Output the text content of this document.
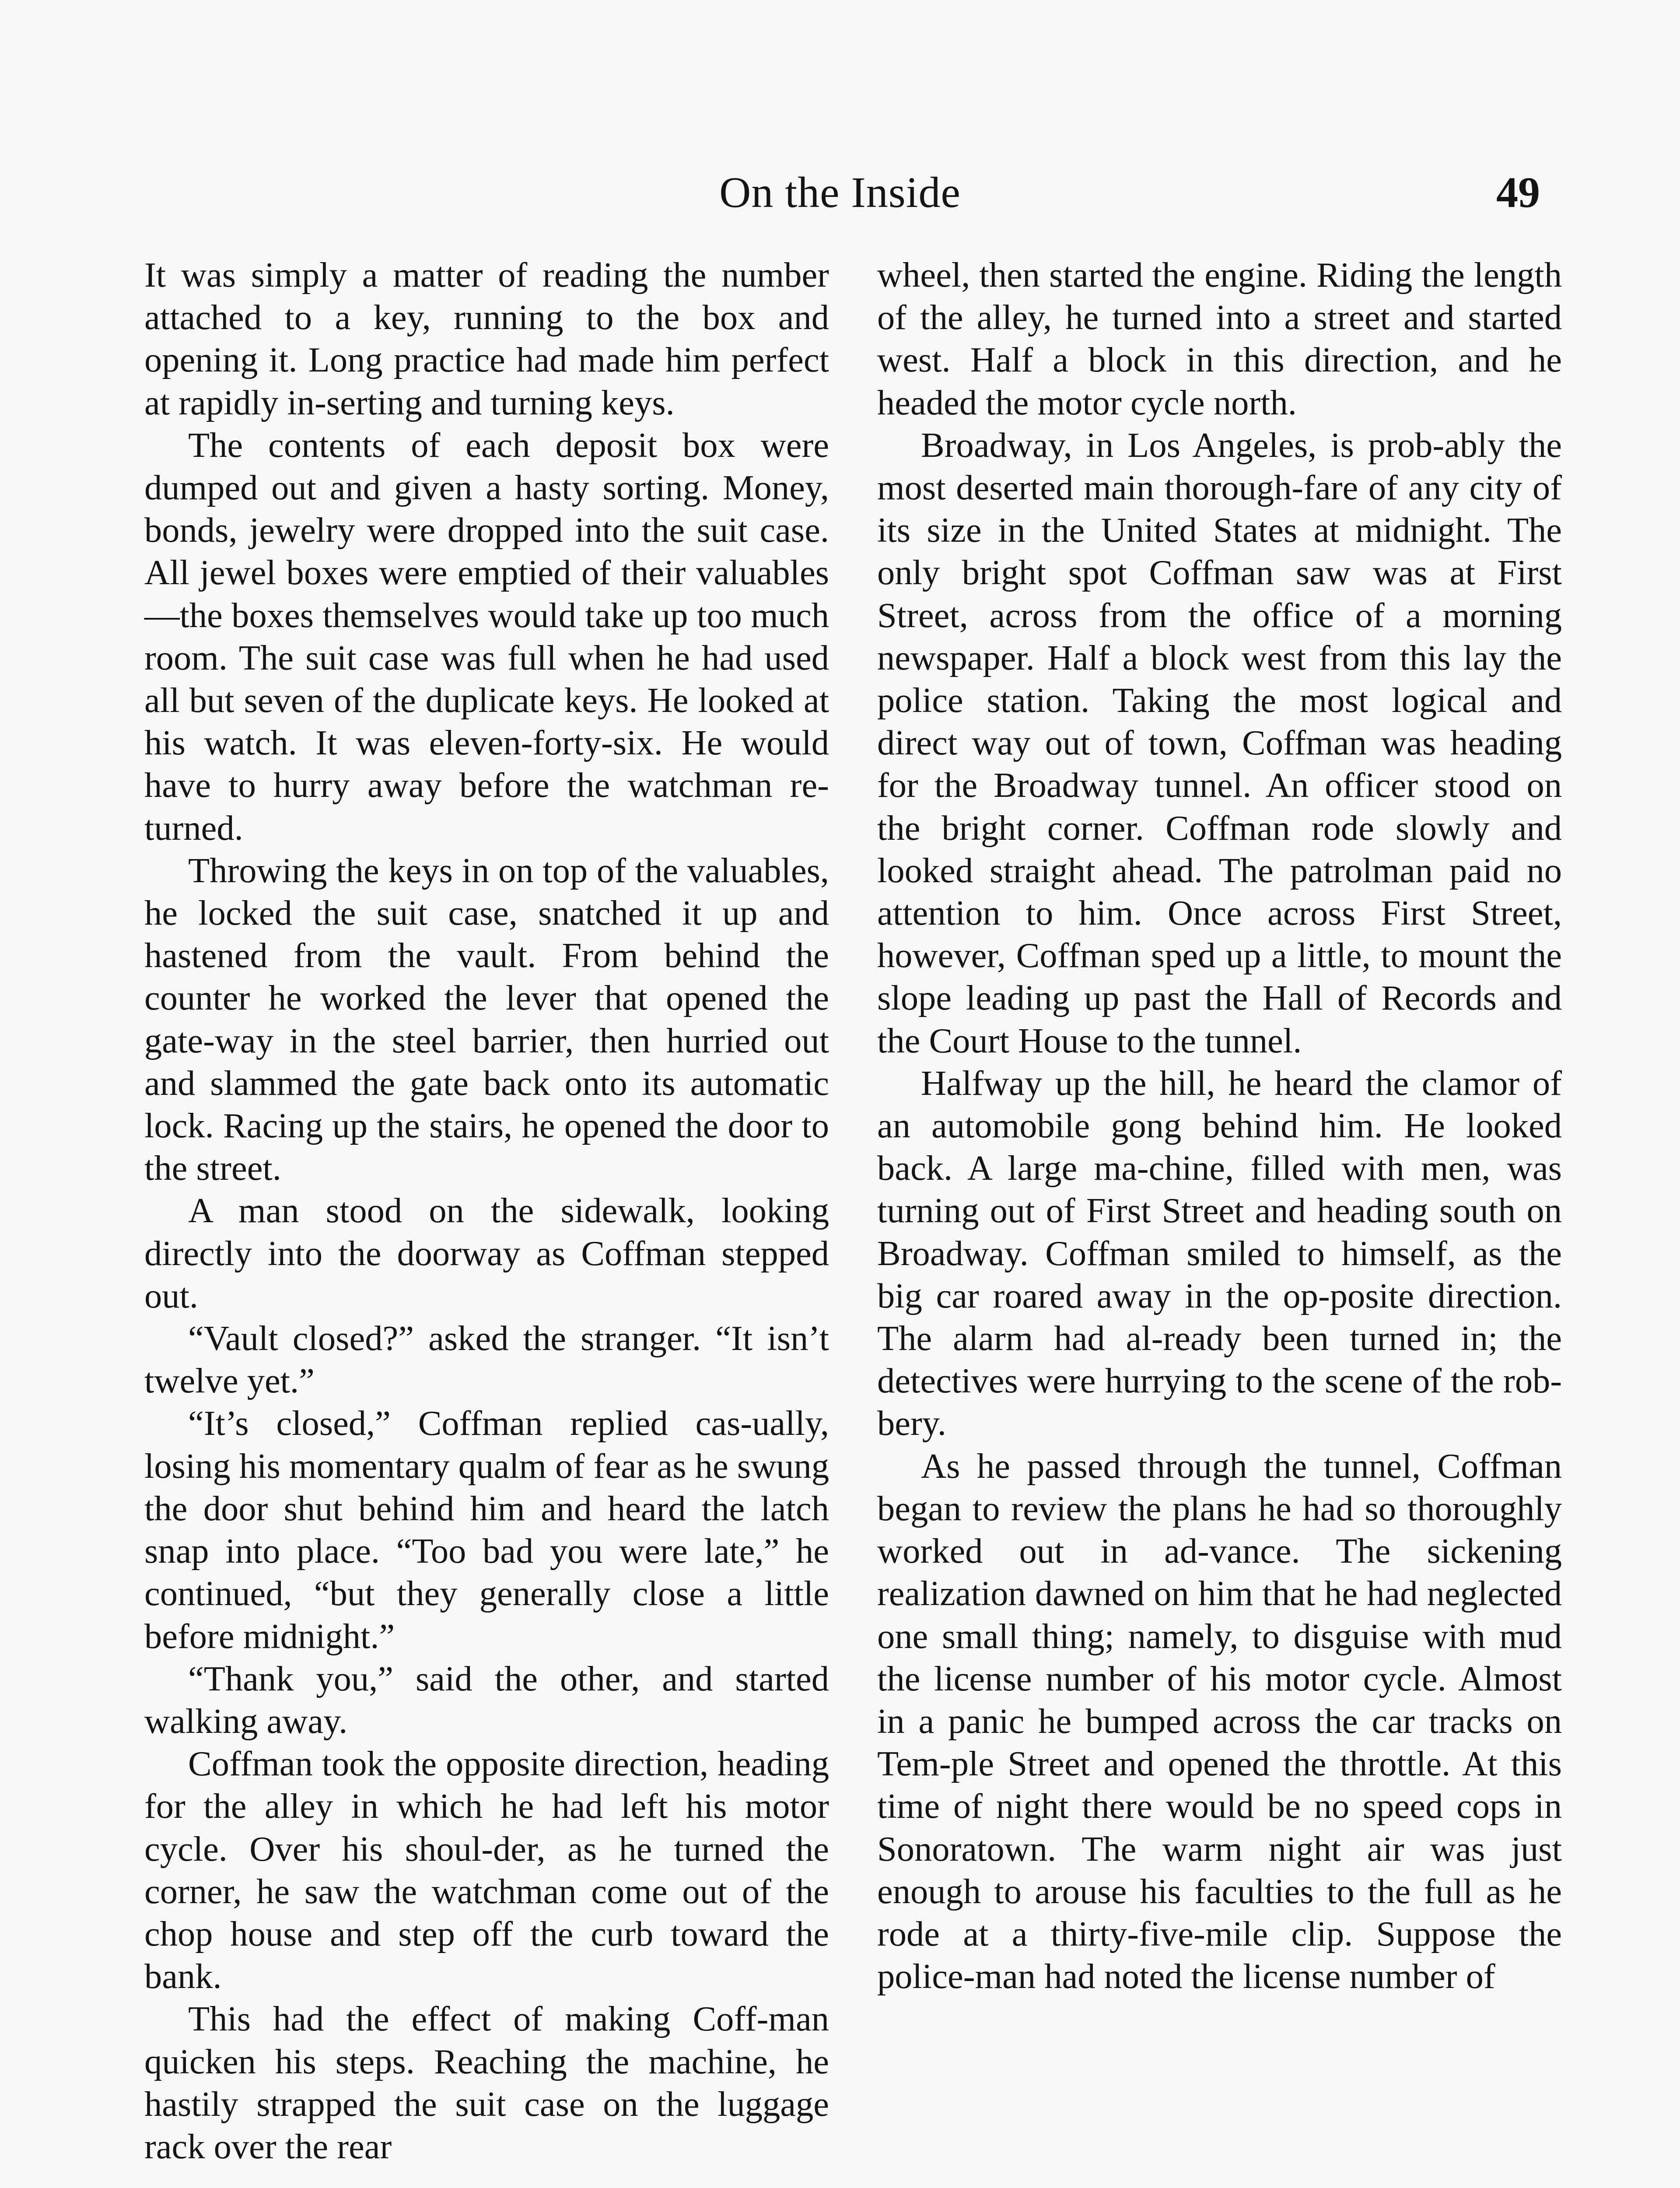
On the Inside	49

It was simply a matter of reading the number attached to a key, running to the box and opening it. Long practice had made him perfect at rapidly in-serting and turning keys.

The contents of each deposit box were dumped out and given a hasty sorting. Money, bonds, jewelry were dropped into the suit case. All jewel boxes were emptied of their valuables —the boxes themselves would take up too much room. The suit case was full when he had used all but seven of the duplicate keys. He looked at his watch. It was eleven-forty-six. He would have to hurry away before the watchman re-turned.

Throwing the keys in on top of the valuables, he locked the suit case, snatched it up and hastened from the vault. From behind the counter he worked the lever that opened the gate-way in the steel barrier, then hurried out and slammed the gate back onto its automatic lock. Racing up the stairs, he opened the door to the street.

A man stood on the sidewalk, looking directly into the doorway as Coffman stepped out.

“Vault closed?” asked the stranger. “It isn’t twelve yet.”

“It’s closed,” Coffman replied cas-ually, losing his momentary qualm of fear as he swung the door shut behind him and heard the latch snap into place. “Too bad you were late,” he continued, “but they generally close a little before midnight.”

“Thank you,” said the other, and started walking away.

Coffman took the opposite direction, heading for the alley in which he had left his motor cycle. Over his shoul-der, as he turned the corner, he saw the watchman come out of the chop house and step off the curb toward the bank.

This had the effect of making Coff-man quicken his steps. Reaching the machine, he hastily strapped the suit case on the luggage rack over the rear

wheel, then started the engine. Riding the length of the alley, he turned into a street and started west. Half a block in this direction, and he headed the motor cycle north.

Broadway, in Los Angeles, is prob-ably the most deserted main thorough-fare of any city of its size in the United States at midnight. The only bright spot Coffman saw was at First Street, across from the office of a morning newspaper. Half a block west from this lay the police station. Taking the most logical and direct way out of town, Coffman was heading for the Broadway tunnel. An officer stood on the bright corner. Coffman rode slowly and looked straight ahead. The patrolman paid no attention to him. Once across First Street, however, Coffman sped up a little, to mount the slope leading up past the Hall of Records and the Court House to the tunnel.

Halfway up the hill, he heard the clamor of an automobile gong behind him. He looked back. A large ma-chine, filled with men, was turning out of First Street and heading south on Broadway. Coffman smiled to himself, as the big car roared away in the op-posite direction. The alarm had al-ready been turned in; the detectives were hurrying to the scene of the rob-bery.

As he passed through the tunnel, Coffman began to review the plans he had so thoroughly worked out in ad-vance. The sickening realization dawned on him that he had neglected one small thing; namely, to disguise with mud the license number of his motor cycle. Almost in a panic he bumped across the car tracks on Tem-ple Street and opened the throttle. At this time of night there would be no speed cops in Sonoratown. The warm night air was just enough to arouse his faculties to the full as he rode at a thirty-five-mile clip. Suppose the police-man had noted the license number of
